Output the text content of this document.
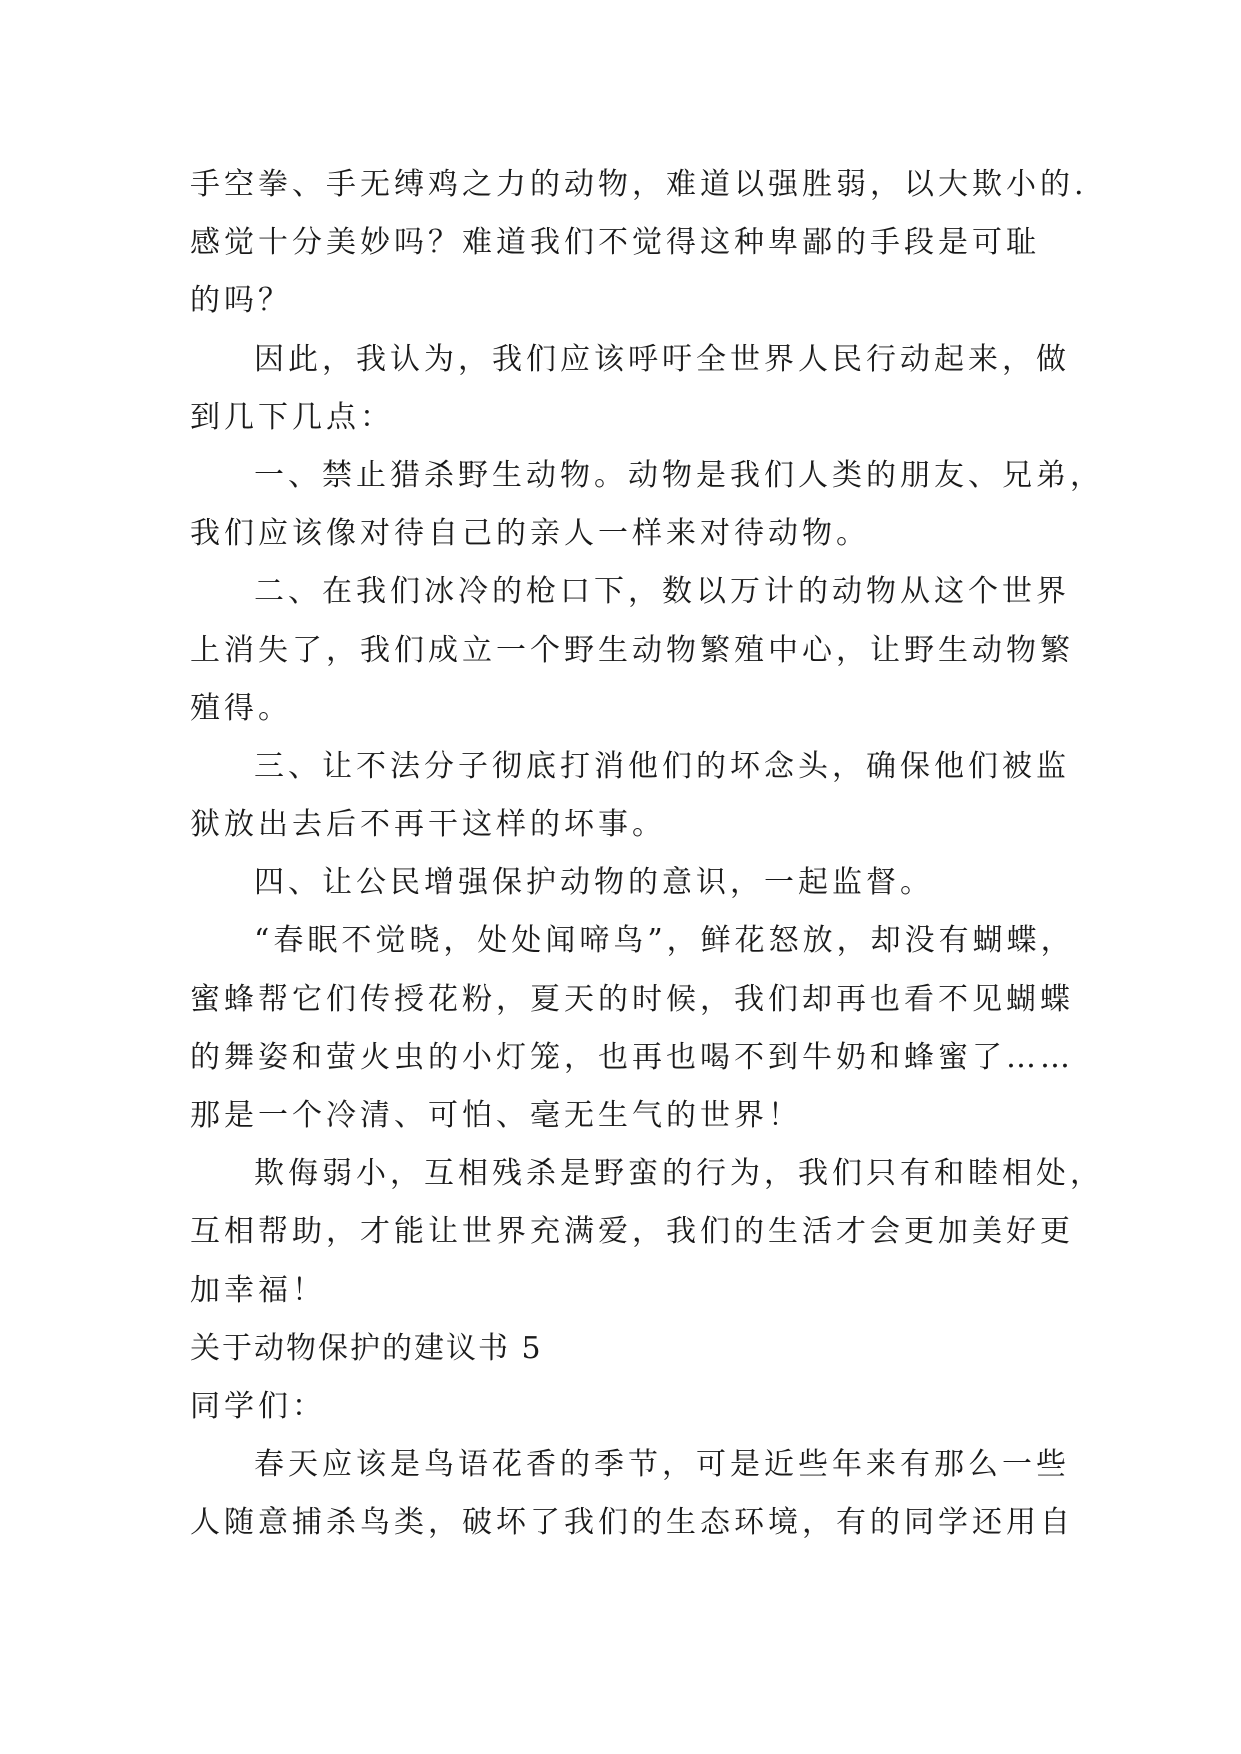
手空拳、手无缚鸡之力的动物，难道以强胜弱，以大欺小的.
感觉十分美妙吗？难道我们不觉得这种卑鄙的手段是可耻
的吗？
因此，我认为，我们应该呼吁全世界人民行动起来，做
到几下几点：
一、禁止猎杀野生动物。动物是我们人类的朋友、兄弟，
我们应该像对待自己的亲人一样来对待动物。
二、在我们冰冷的枪口下，数以万计的动物从这个世界
上消失了，我们成立一个野生动物繁殖中心，让野生动物繁
殖得。
三、让不法分子彻底打消他们的坏念头，确保他们被监
狱放出去后不再干这样的坏事。
四、让公民增强保护动物的意识，一起监督。
“春眠不觉晓，处处闻啼鸟”，鲜花怒放，却没有蝴蝶，
蜜蜂帮它们传授花粉，夏天的时候，我们却再也看不见蝴蝶
的舞姿和萤火虫的小灯笼，也再也喝不到牛奶和蜂蜜了……
那是一个冷清、可怕、毫无生气的世界！
欺侮弱小，互相残杀是野蛮的行为，我们只有和睦相处，
互相帮助，才能让世界充满爱，我们的生活才会更加美好更
加幸福！
关于动物保护的建议书 5
同学们：
春天应该是鸟语花香的季节，可是近些年来有那么一些
人随意捕杀鸟类，破坏了我们的生态环境，有的同学还用自
